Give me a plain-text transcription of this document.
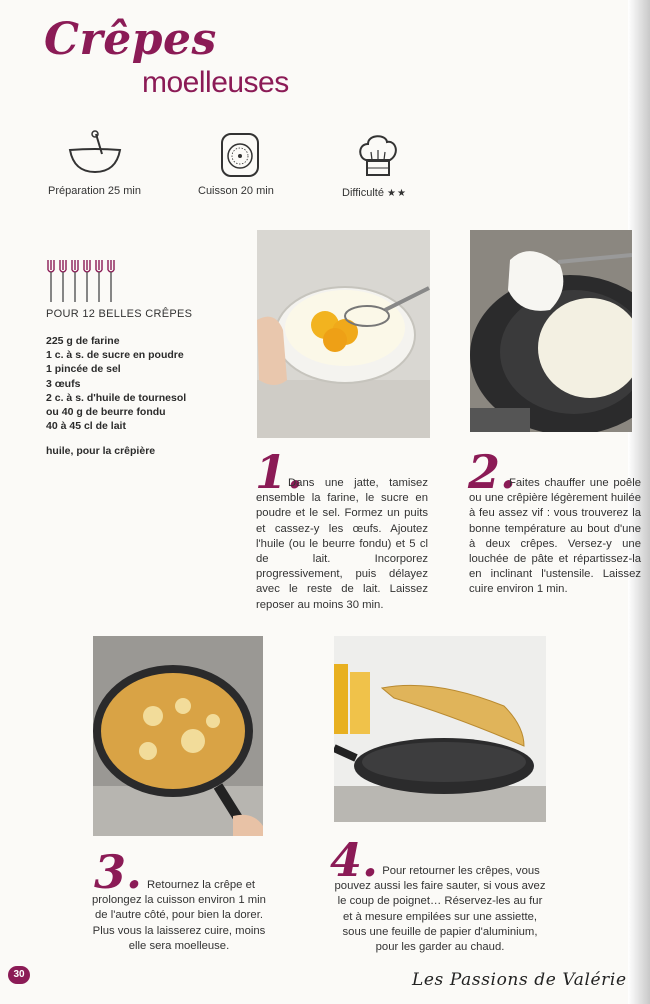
Crêpes
moelleuses
Préparation 25 min	Cuisson 20 min	Difficulté ★★
POUR 12 BELLES CRÊPES
225 g de farine
1 c. à s. de sucre en poudre
1 pincée de sel
3 œufs
2 c. à s. d'huile de tournesol
ou 40 g de beurre fondu
40 à 45 cl de lait
huile, pour la crêpière 1.
Dans une jatte, tamisez ensemble la farine, le sucre en poudre et le sel. Formez un puits et cassez-y les œufs. Ajoutez l'huile (ou le beurre fondu) et 5 cl de lait. Incorporez progressivement, puis délayez avec le reste de lait. Laissez reposer au moins 30 min.
2.
Faites chauffer une poêle ou une crêpière légèrement huilée à feu assez vif : vous trouverez la bonne température au bout d'une à deux crêpes. Versez-y une louchée de pâte et répartissez-la en inclinant l'ustensile. Laissez cuire environ 1 min.
3. Retournez la crêpe et prolongez la cuisson environ 1 min de l'autre côté, pour bien la dorer. Plus vous la laisserez cuire, moins elle sera moelleuse.
4. Pour retourner les crêpes, vous pouvez aussi les faire sauter, si vous avez le coup de poignet… Réservez-les au fur et à mesure empilées sur une assiette, sous une feuille de papier d'aluminium, pour les garder au chaud.
30	Les Passions de Valérie
